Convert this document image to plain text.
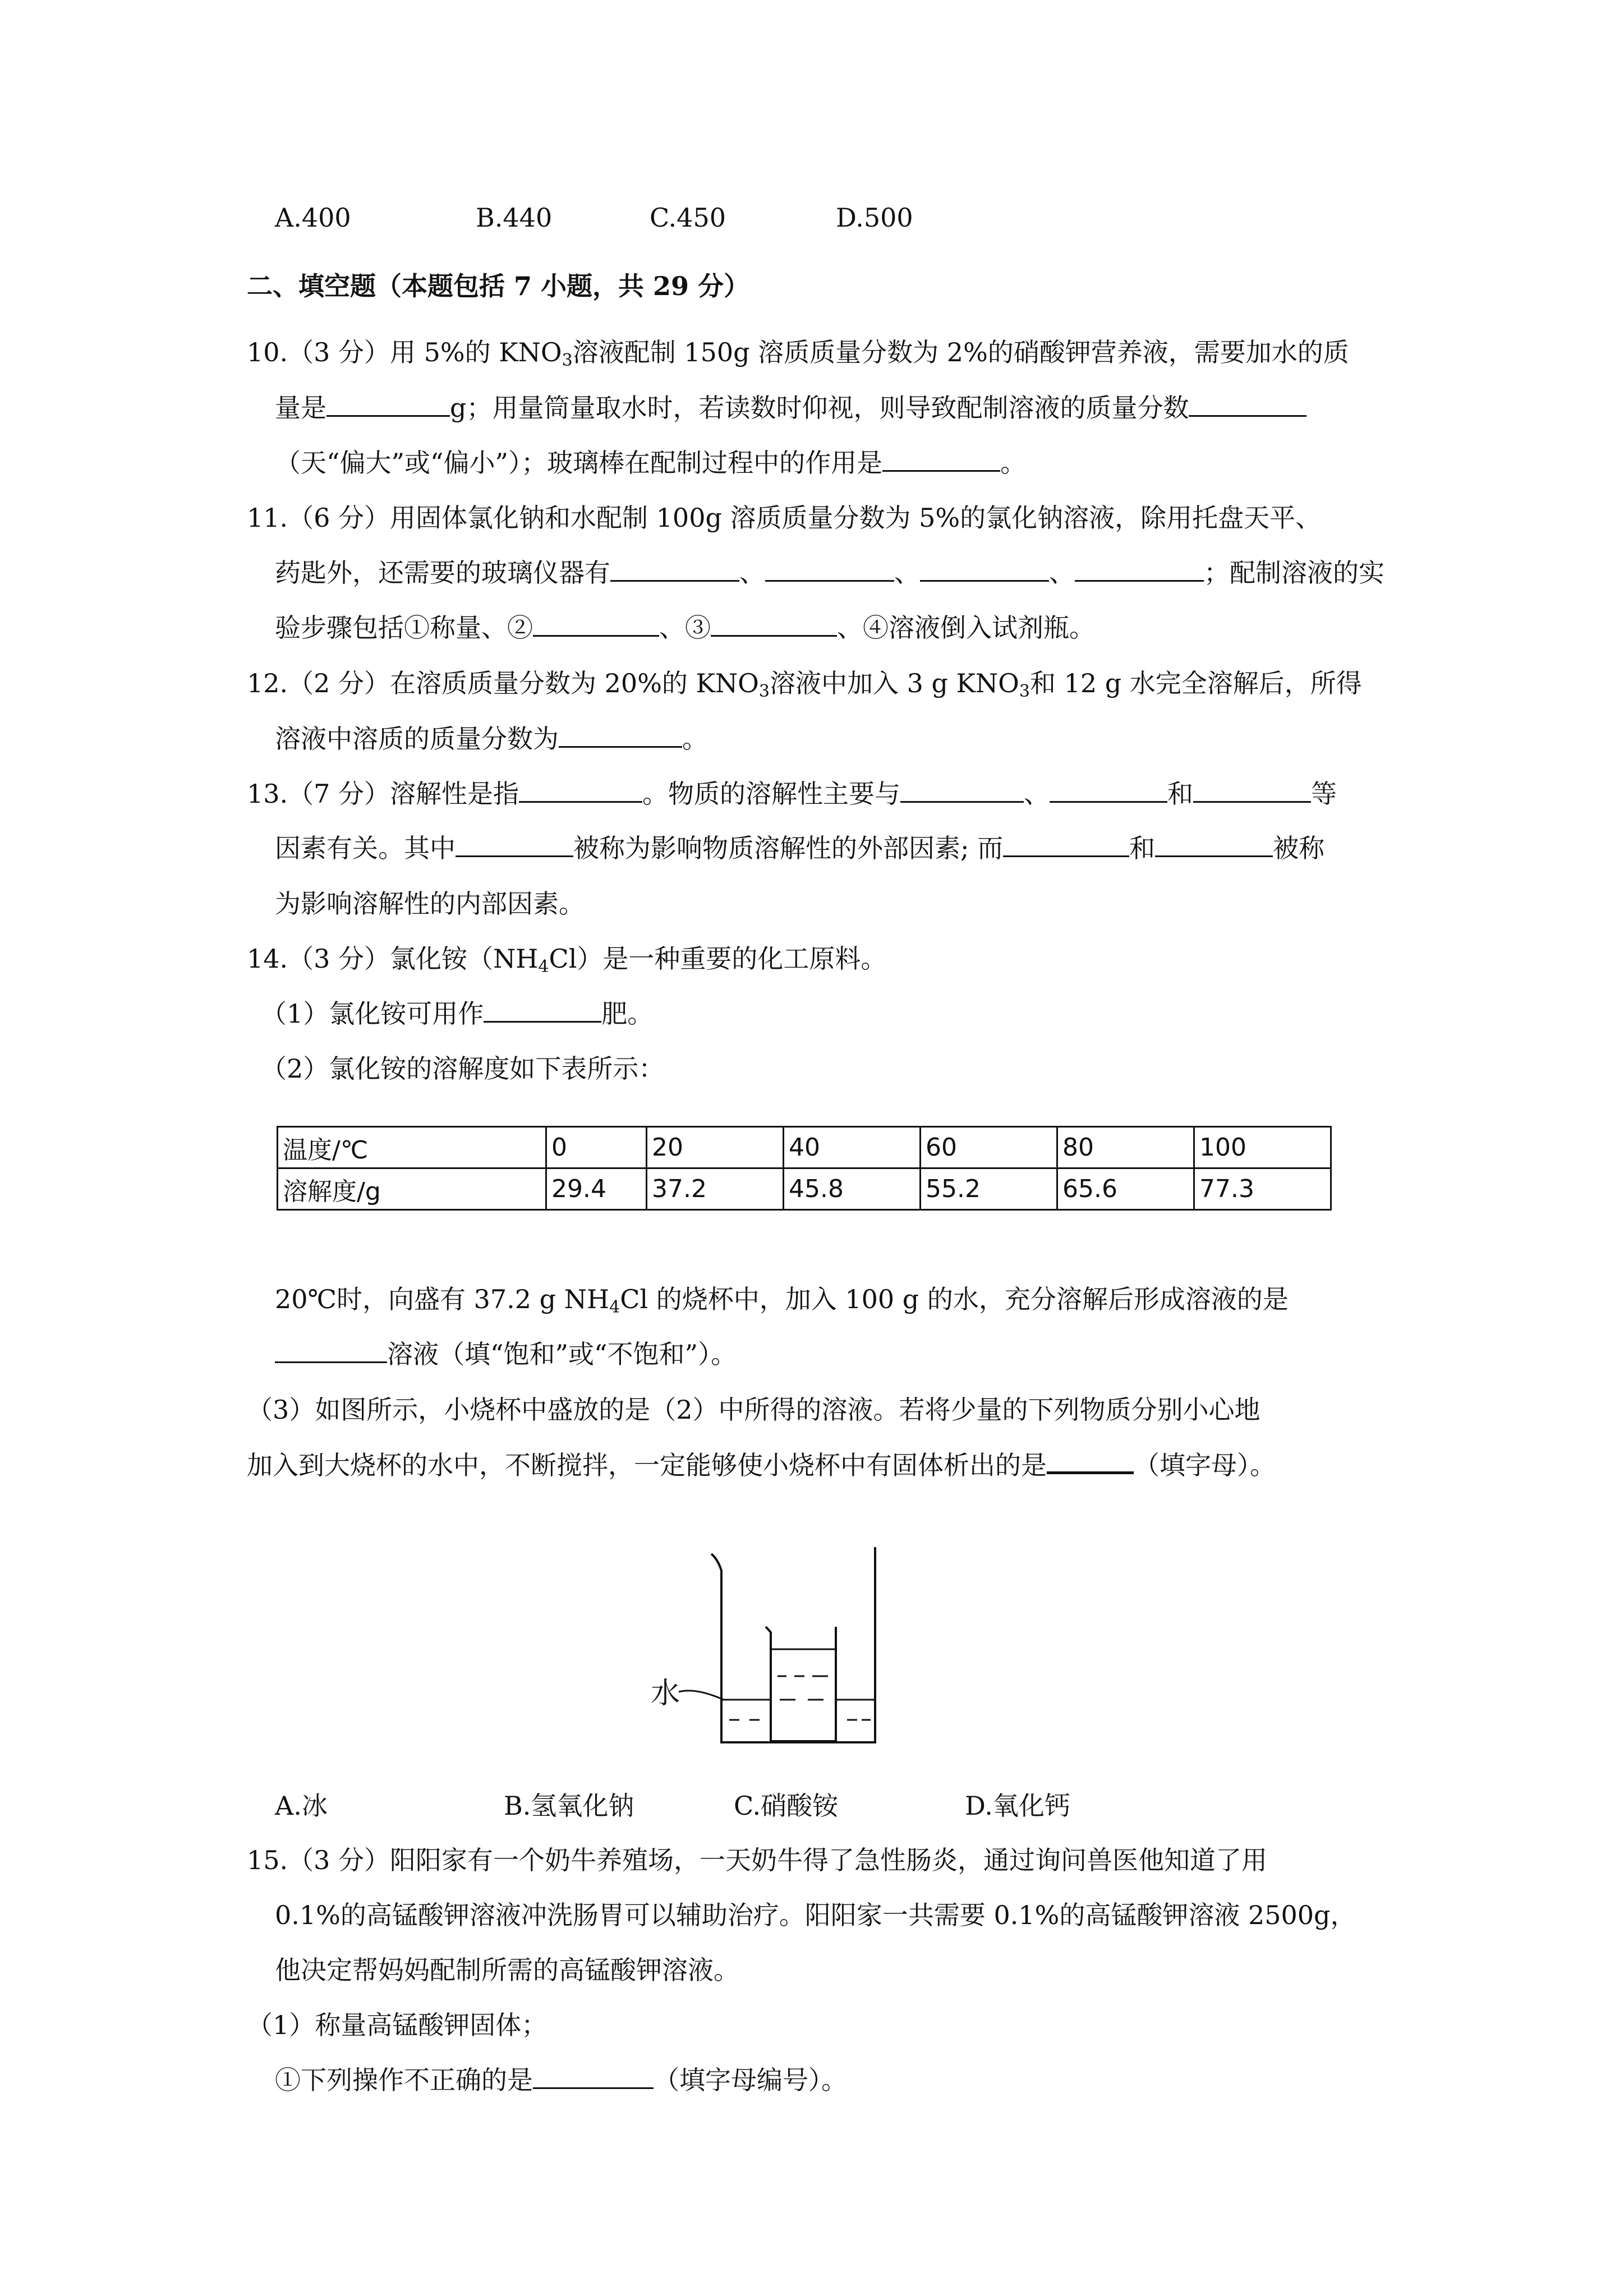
A.400	B.440	C.450	D.500
二、填空题（本题包括 7 小题，共 29 分）
10.（3 分）用 5%的 $KNO_3$溶液配制 150g 溶质质量分数为 2%的硝酸钾营养液，需要加水的质
量是	g；用量筒量取水时，若读数时仰视，则导致配制溶液的质量分数
（天“偏大”或“偏小”）；玻璃棒在配制过程中的作用是	。
11.（6 分）用固体氯化钠和水配制 100g 溶质质量分数为 5%的氯化钠溶液，除用托盘天平、
药匙外，还需要的玻璃仪器有	、	、	、	；配制溶液的实
验步骤包括①称量、②	、③	、④溶液倒入试剂瓶。
12.（2 分）在溶质质量分数为 20%的 $KNO_3$溶液中加入 3 g $KNO_3$和 12 g 水完全溶解后，所得
溶液中溶质的质量分数为	。
13.（7 分）溶解性是指	。物质的溶解性主要与	、	和	等
因素有关。其中	被称为影响物质溶解性的外部因素; 而	和	被称
为影响溶解性的内部因素。
14.（3 分）氯化铵$(NH_4Cl)$是一种重要的化工原料。
（1）氯化铵可用作	肥。
（2）氯化铵的溶解度如下表所示：
温度/℃	0	20	40	60	80	100
溶解度/g	29.4	37.2	45.8	55.2	65.6	77.3
20℃时，向盛有 37.2 g $NH_4Cl$ 的烧杯中，加入 100 g 的水，充分溶解后形成溶液的是
溶液（填“饱和”或“不饱和”）。
（3）如图所示，小烧杯中盛放的是（2）中所得的溶液。若将少量的下列物质分别小心地
加入到大烧杯的水中，不断搅拌，一定能够使小烧杯中有固体析出的是	（填字母）。
水
A.冰	B.氢氧化钠	C.硝酸铵	D.氧化钙
15.（3 分）阳阳家有一个奶牛养殖场，一天奶牛得了急性肠炎，通过询问兽医他知道了用
0.1%的高锰酸钾溶液冲洗肠胃可以辅助治疗。阳阳家一共需要 0.1%的高锰酸钾溶液 2500g，
他决定帮妈妈配制所需的高锰酸钾溶液。
（1）称量高锰酸钾固体；
①下列操作不正确的是	（填字母编号）。
